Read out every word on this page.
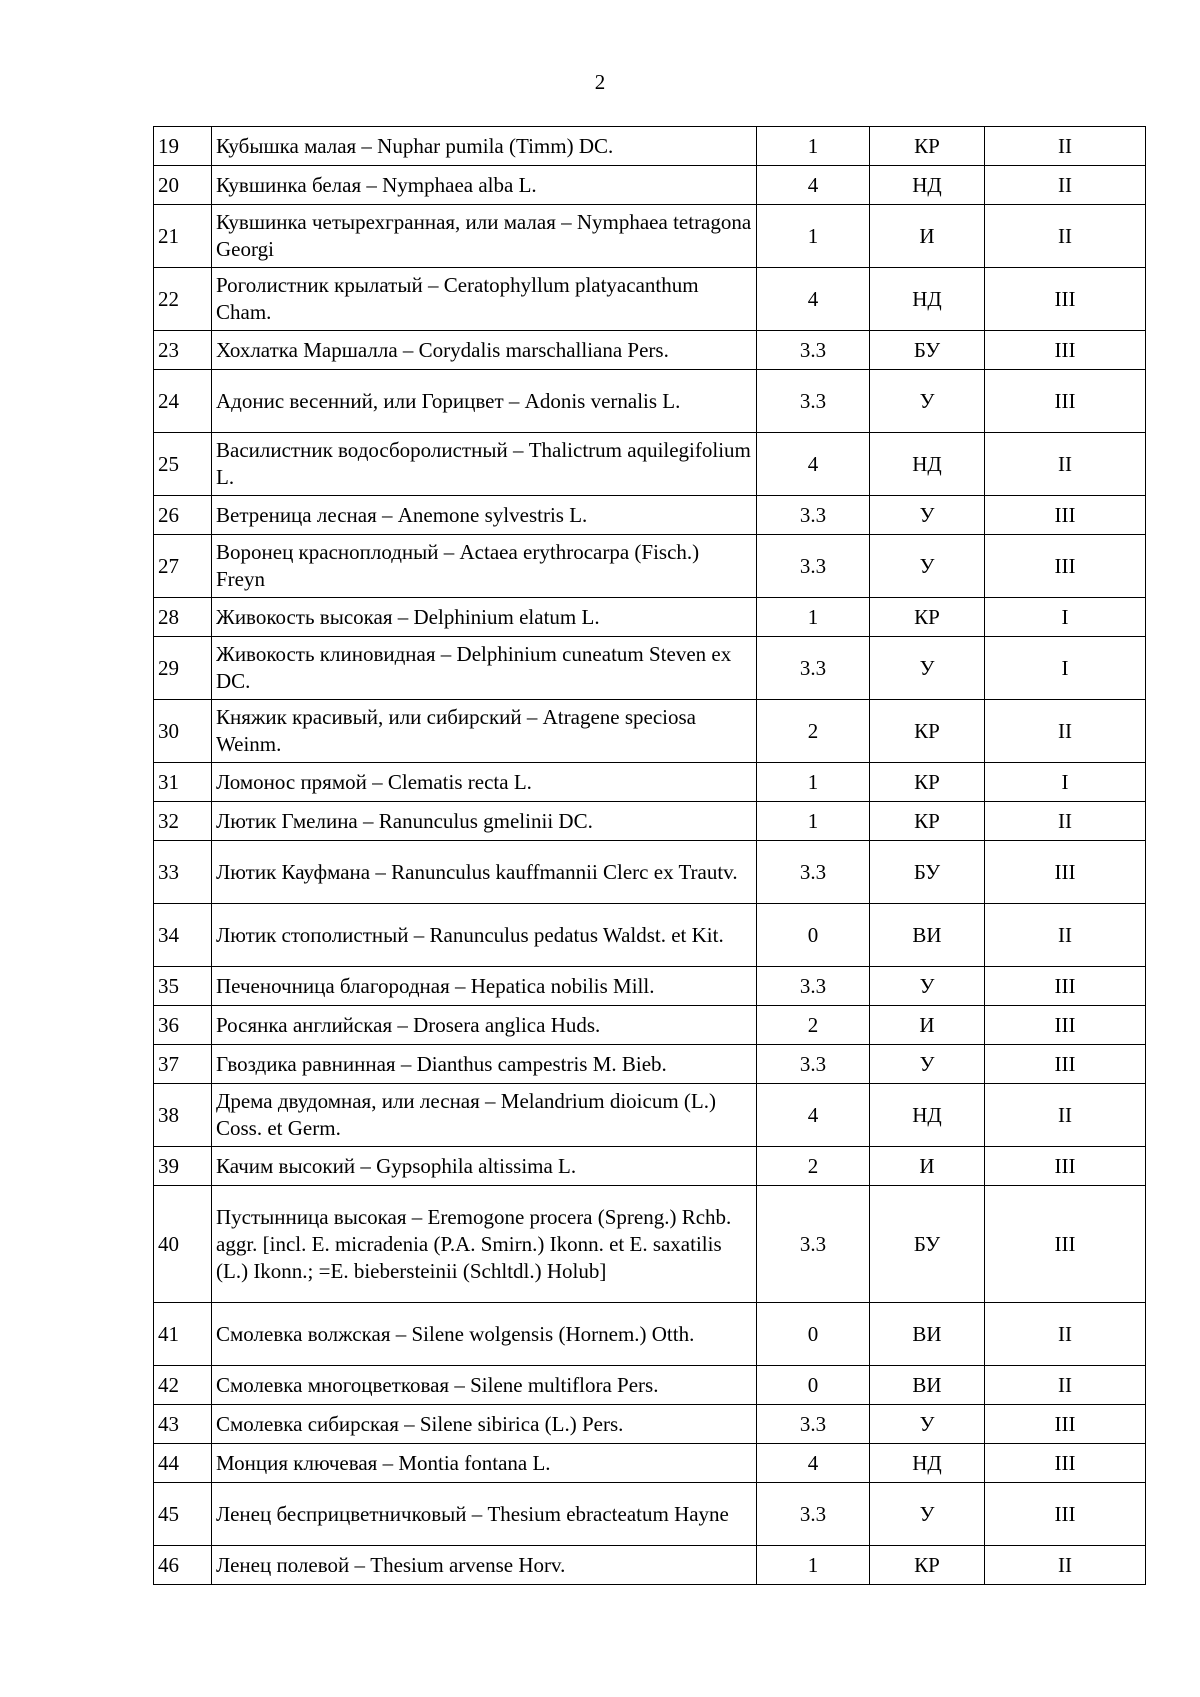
2
19	Кубышка малая – Nuphar pumila (Timm) DC.	1	КР	II
20	Кувшинка белая – Nymphaea alba L.	4	НД	II
21	Кувшинка четырехгранная, или малая – Nymphaea tetragona Georgi	1	И	II
22	Роголистник крылатый – Ceratophyllum platyacanthum Cham.	4	НД	III
23	Хохлатка Маршалла – Corydalis marschalliana Pers.	3.3	БУ	III
24	Адонис весенний, или Горицвет – Adonis vernalis L.	3.3	У	III
25	Василистник водосборолистный – Thalictrum aquilegifolium L.	4	НД	II
26	Ветреница лесная – Anemone sylvestris L.	3.3	У	III
27	Воронец красноплодный – Actaea erythrocarpa (Fisch.) Freyn	3.3	У	III
28	Живокость высокая – Delphinium elatum L.	1	КР	I
29	Живокость клиновидная – Delphinium cuneatum Steven ex DC.	3.3	У	I
30	Княжик красивый, или сибирский – Atragene speciosa Weinm.	2	КР	II
31	Ломонос прямой – Clematis recta L.	1	КР	I
32	Лютик Гмелина – Ranunculus gmelinii DC.	1	КР	II
33	Лютик Кауфмана – Ranunculus kauffmannii Clerc ex Trautv.	3.3	БУ	III
34	Лютик стополистный – Ranunculus pedatus Waldst. et Kit.	0	ВИ	II
35	Печеночница благородная – Hepatica nobilis Mill.	3.3	У	III
36	Росянка английская – Drosera anglica Huds.	2	И	III
37	Гвоздика равнинная – Dianthus campestris M. Bieb.	3.3	У	III
38	Дрема двудомная, или лесная – Melandrium dioicum (L.) Coss. et Germ.	4	НД	II
39	Качим высокий – Gypsophila altissima L.	2	И	III
40	Пустынница высокая – Eremogone procera (Spreng.) Rchb. aggr. [incl. E. micradenia (P.A. Smirn.) Ikonn. et E. saxatilis (L.) Ikonn.; =E. biebersteinii (Schltdl.) Holub]	3.3	БУ	III
41	Смолевка волжская – Silene wolgensis (Hornem.) Otth.	0	ВИ	II
42	Смолевка многоцветковая – Silene multiflora Pers.	0	ВИ	II
43	Смолевка сибирская – Silene sibirica (L.) Pers.	3.3	У	III
44	Монция ключевая – Montia fontana L.	4	НД	III
45	Ленец бесприцветничковый – Thesium ebracteatum Hayne	3.3	У	III
46	Ленец полевой – Thesium arvense Horv.	1	КР	II
